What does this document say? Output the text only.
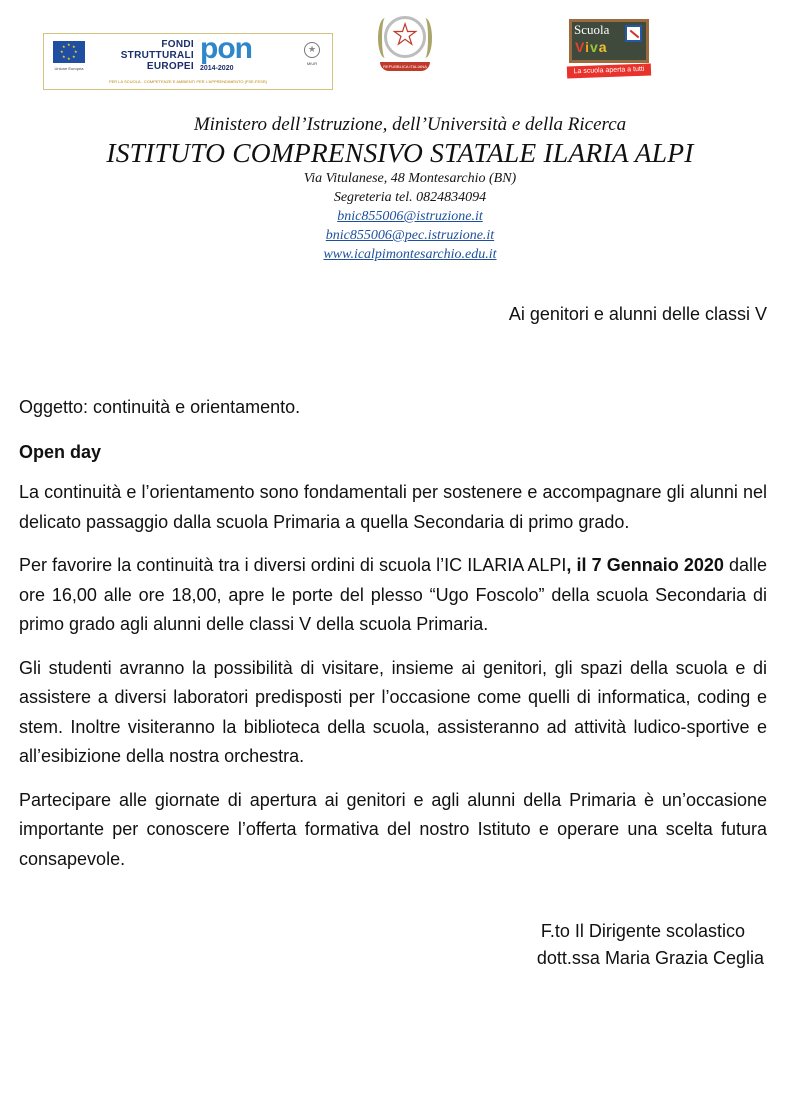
★ ★
★
★
★
★
★
★
Unione Europea
FONDI
STRUTTURALI
EUROPEI
pon
2014-2020
★
MIUR
PER LA SCUOLA - COMPETENZE E AMBIENTI PER L'APPRENDIMENTO (FSE-FESR)
★
REPUBBLICA ITALIANA
Scuola
Viva
La scuola aperta a tutti
Ministero dell’Istruzione, dell’Università e della Ricerca
ISTITUTO COMPRENSIVO STATALE ILARIA ALPI
Via Vitulanese, 48 Montesarchio (BN)
Segreteria tel. 0824834094
bnic855006@istruzione.it
bnic855006@pec.istruzione.it
www.icalpimontesarchio.edu.it
Ai genitori e alunni delle classi V
Oggetto: continuità e orientamento.
Open day
La continuità e l’orientamento sono fondamentali per sostenere e accompagnare gli alunni nel delicato passaggio dalla scuola Primaria a quella Secondaria di primo grado.
Per favorire la continuità tra i diversi ordini di scuola l’IC ILARIA ALPI, il 7 Gennaio 2020 dalle ore 16,00 alle ore 18,00, apre le porte del plesso “Ugo Foscolo” della scuola Secondaria di primo grado agli alunni delle classi V della scuola Primaria.
Gli studenti avranno la possibilità di visitare, insieme ai genitori, gli spazi della scuola e di assistere a diversi laboratori predisposti per l’occasione come quelli di informatica, coding e stem. Inoltre visiteranno la biblioteca della scuola, assisteranno ad attività ludico-sportive e all’esibizione della nostra orchestra.
Partecipare alle giornate di apertura ai genitori e agli alunni della Primaria è un’occasione importante per conoscere l’offerta formativa del nostro Istituto e operare una scelta futura consapevole.
F.to Il Dirigente scolastico
dott.ssa Maria Grazia Ceglia
